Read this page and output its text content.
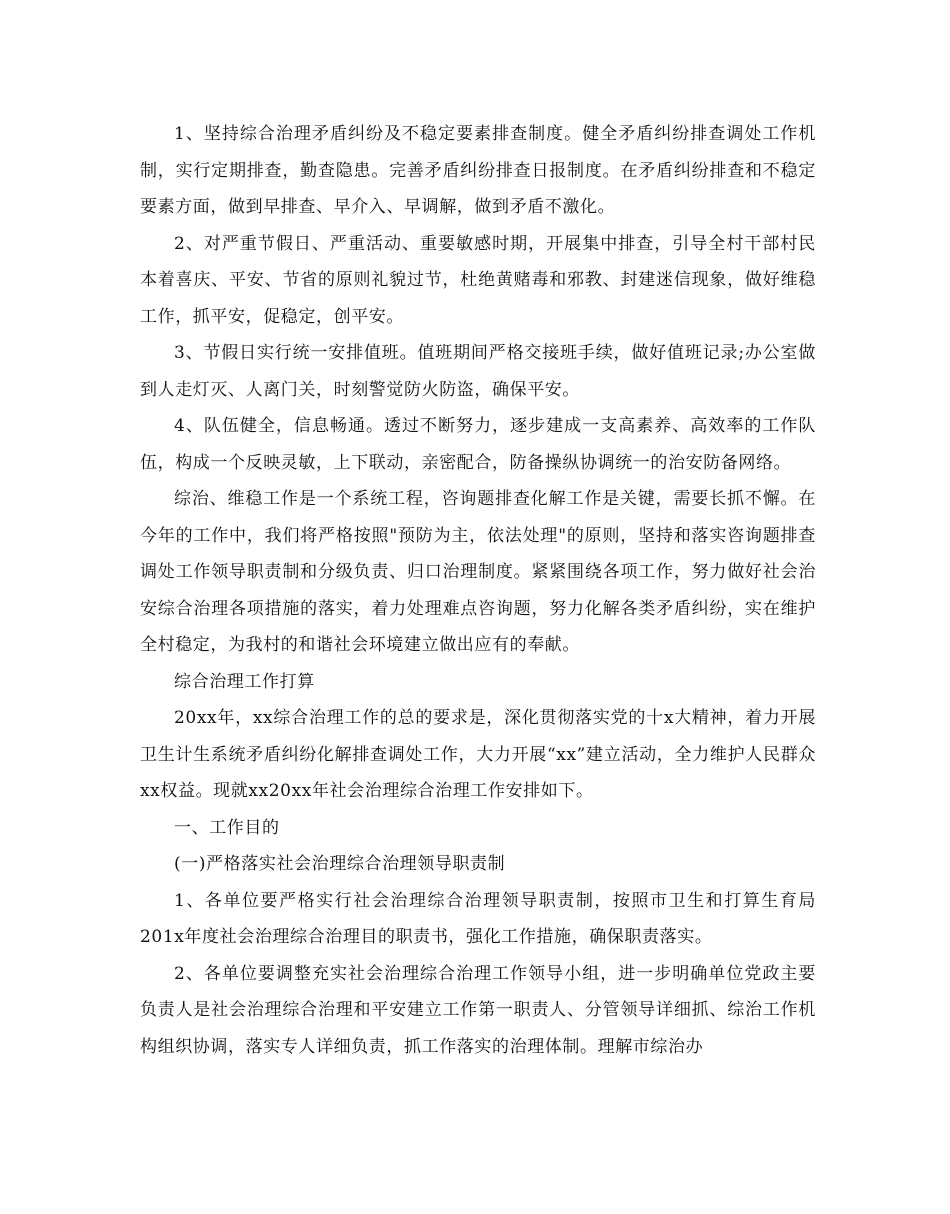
1、坚持综合治理矛盾纠纷及不稳定要素排查制度。健全矛盾纠纷排查调处工作机制，实行定期排查，勤查隐患。完善矛盾纠纷排查日报制度。在矛盾纠纷排查和不稳定要素方面，做到早排查、早介入、早调解，做到矛盾不激化。

2、对严重节假日、严重活动、重要敏感时期，开展集中排查，引导全村干部村民本着喜庆、平安、节省的原则礼貌过节，杜绝黄赌毒和邪教、封建迷信现象，做好维稳工作，抓平安，促稳定，创平安。

3、节假日实行统一安排值班。值班期间严格交接班手续，做好值班记录;办公室做到人走灯灭、人离门关，时刻警觉防火防盗，确保平安。

4、队伍健全，信息畅通。透过不断努力，逐步建成一支高素养、高效率的工作队伍，构成一个反映灵敏，上下联动，亲密配合，防备操纵协调统一的治安防备网络。

综治、维稳工作是一个系统工程，咨询题排查化解工作是关键，需要长抓不懈。在今年的工作中，我们将严格按照"预防为主，依法处理"的原则，坚持和落实咨询题排查调处工作领导职责制和分级负责、归口治理制度。紧紧围绕各项工作，努力做好社会治安综合治理各项措施的落实，着力处理难点咨询题，努力化解各类矛盾纠纷，实在维护全村稳定，为我村的和谐社会环境建立做出应有的奉献。

综合治理工作打算

20xx年，xx综合治理工作的总的要求是，深化贯彻落实党的十x大精神，着力开展卫生计生系统矛盾纠纷化解排查调处工作，大力开展“xx”建立活动，全力维护人民群众xx权益。现就xx20xx年社会治理综合治理工作安排如下。

一、工作目的

(一)严格落实社会治理综合治理领导职责制

1、各单位要严格实行社会治理综合治理领导职责制，按照市卫生和打算生育局201x年度社会治理综合治理目的职责书，强化工作措施，确保职责落实。

2、各单位要调整充实社会治理综合治理工作领导小组，进一步明确单位党政主要负责人是社会治理综合治理和平安建立工作第一职责人、分管领导详细抓、综治工作机构组织协调，落实专人详细负责，抓工作落实的治理体制。理解市综治办
